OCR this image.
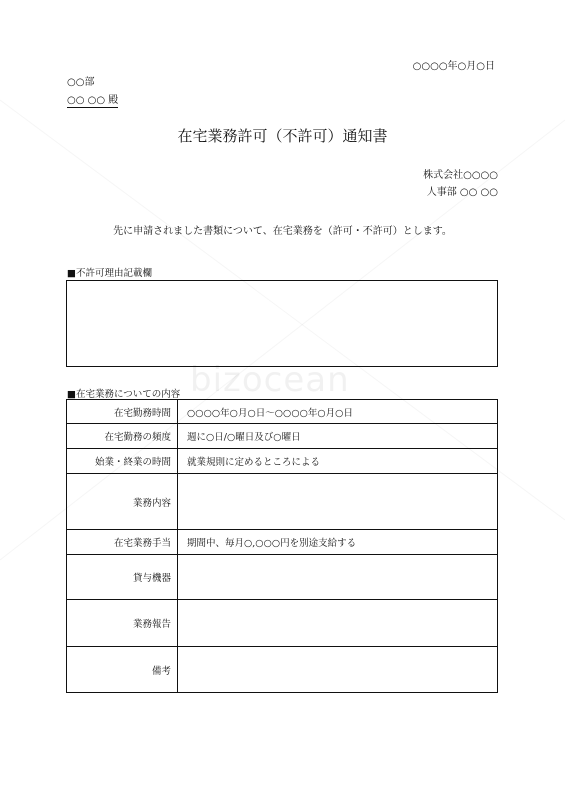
bizocean
○○○○年○月○日
○○部
○○ ○○ 殿
在宅業務許可（不許可）通知書
株式会社○○○○
人事部 ○○ ○○
先に申請されました書類について、在宅業務を（許可・不許可）とします。
■不許可理由記載欄
■在宅業務についての内容
在宅勤務時間	○○○○年○月○日～○○○○年○月○日
在宅勤務の頻度	週に○日/○曜日及び○曜日
始業・終業の時間	就業規則に定めるところによる
業務内容	
在宅業務手当	期間中、毎月○,○○○円を別途支給する
貸与機器	
業務報告	
備考	
